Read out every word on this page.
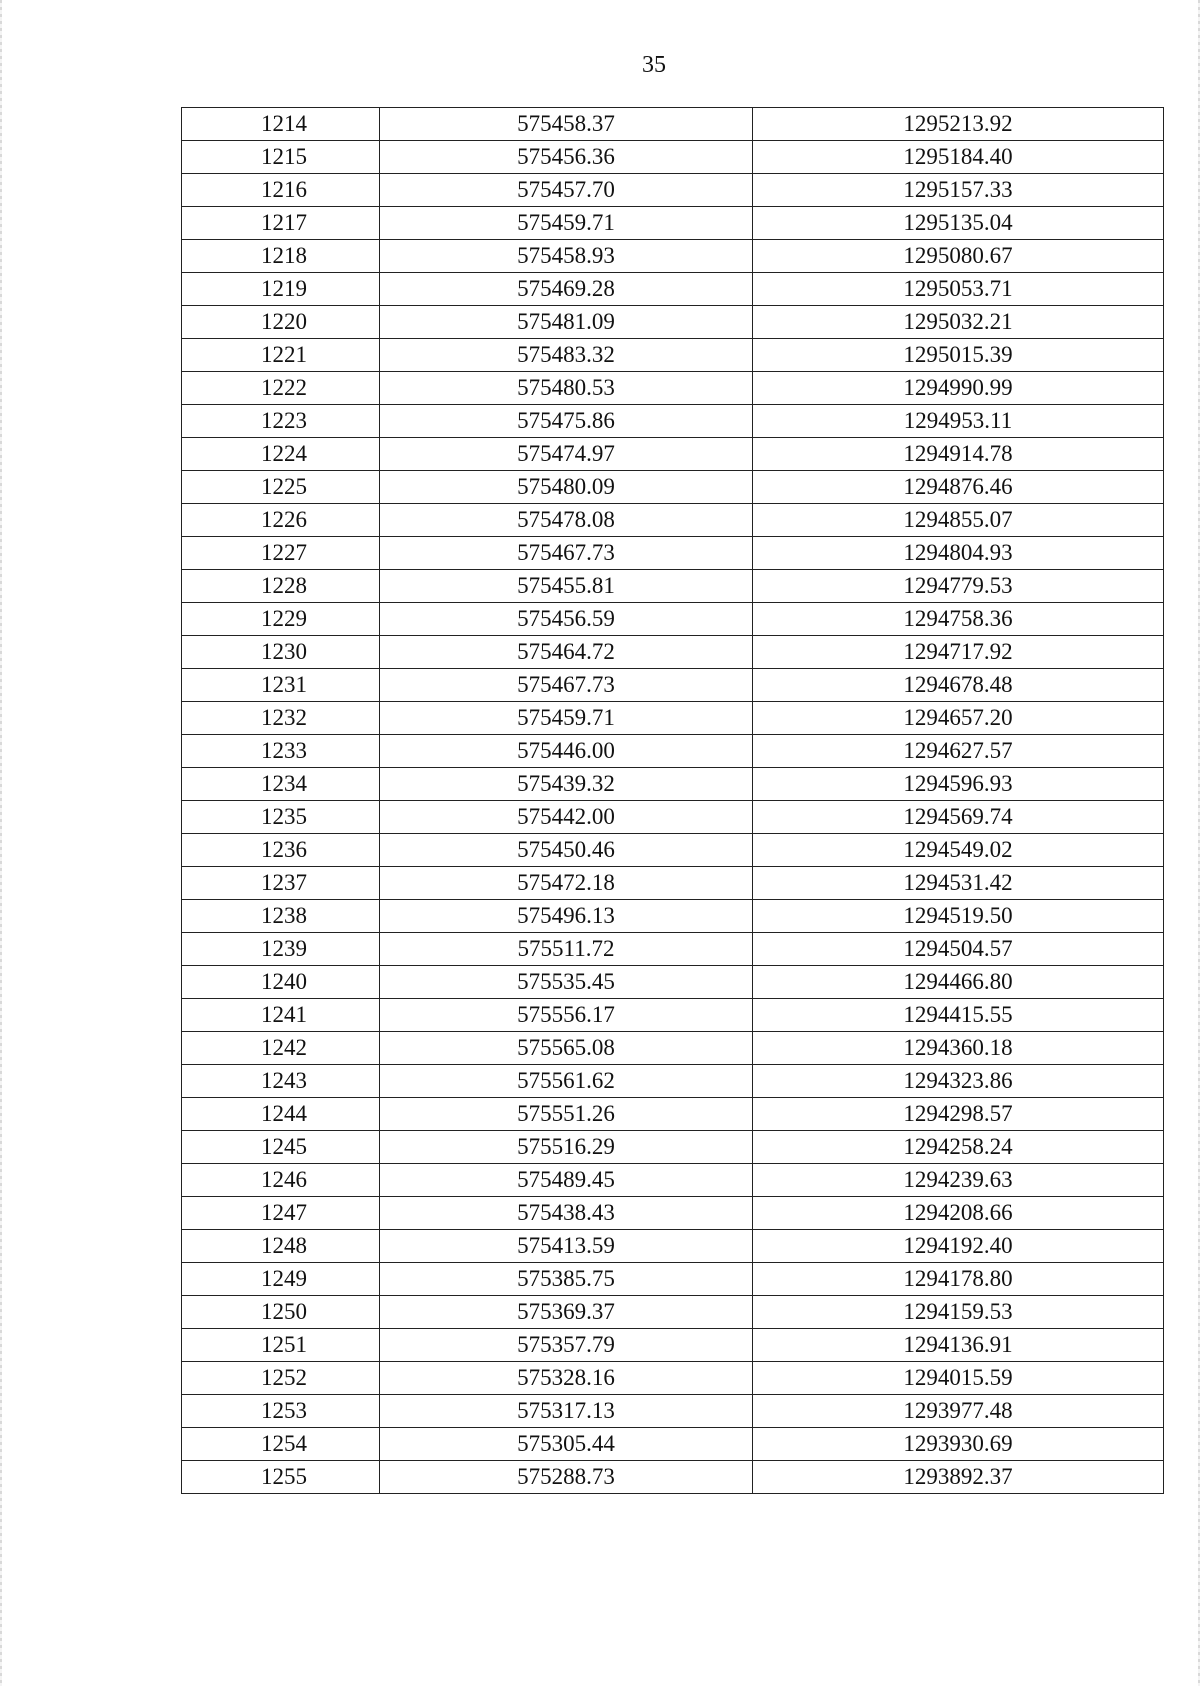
35
1214	575458.37	1295213.92
1215	575456.36	1295184.40
1216	575457.70	1295157.33
1217	575459.71	1295135.04
1218	575458.93	1295080.67
1219	575469.28	1295053.71
1220	575481.09	1295032.21
1221	575483.32	1295015.39
1222	575480.53	1294990.99
1223	575475.86	1294953.11
1224	575474.97	1294914.78
1225	575480.09	1294876.46
1226	575478.08	1294855.07
1227	575467.73	1294804.93
1228	575455.81	1294779.53
1229	575456.59	1294758.36
1230	575464.72	1294717.92
1231	575467.73	1294678.48
1232	575459.71	1294657.20
1233	575446.00	1294627.57
1234	575439.32	1294596.93
1235	575442.00	1294569.74
1236	575450.46	1294549.02
1237	575472.18	1294531.42
1238	575496.13	1294519.50
1239	575511.72	1294504.57
1240	575535.45	1294466.80
1241	575556.17	1294415.55
1242	575565.08	1294360.18
1243	575561.62	1294323.86
1244	575551.26	1294298.57
1245	575516.29	1294258.24
1246	575489.45	1294239.63
1247	575438.43	1294208.66
1248	575413.59	1294192.40
1249	575385.75	1294178.80
1250	575369.37	1294159.53
1251	575357.79	1294136.91
1252	575328.16	1294015.59
1253	575317.13	1293977.48
1254	575305.44	1293930.69
1255	575288.73	1293892.37
